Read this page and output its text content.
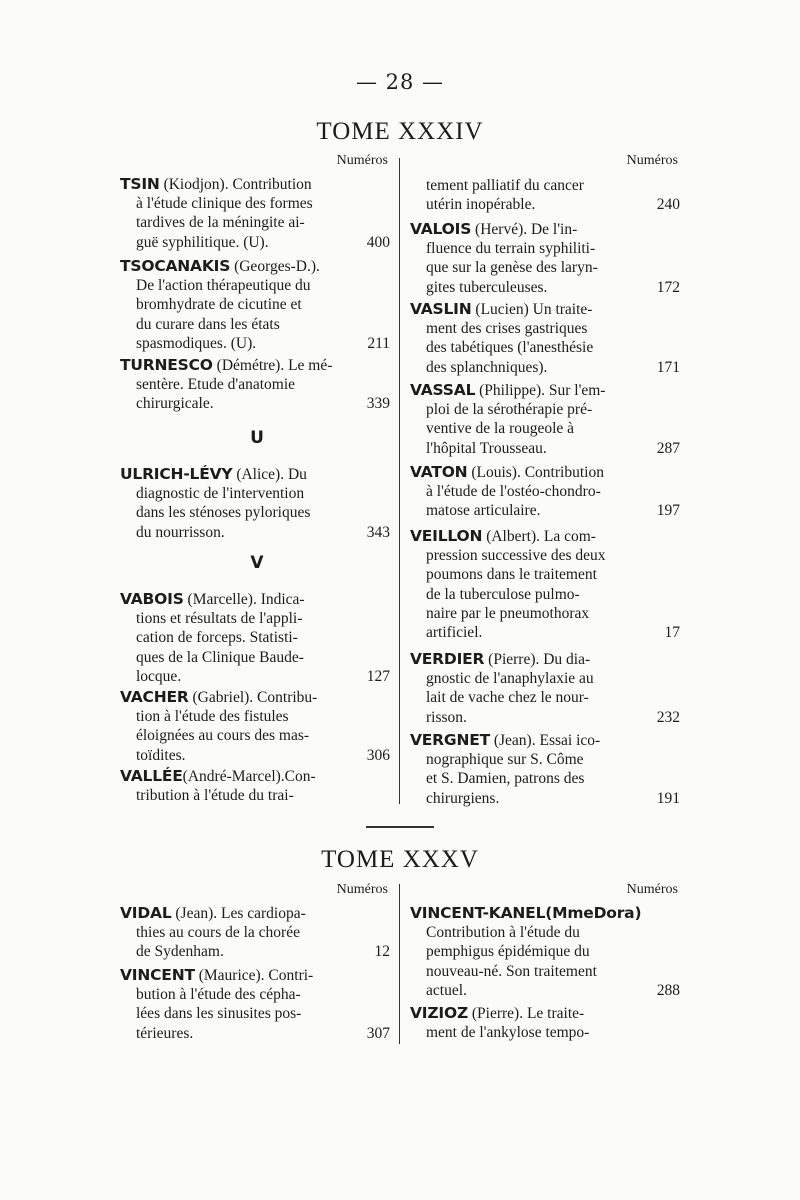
— 28 —
TOME XXXIV
Numéros	Numéros
TSIN (Kiodjon). Contribution
à l'étude clinique des formes
tardives de la méningite ai-
guë syphilitique. (U).	400
TSOCANAKIS (Georges-D.).
De l'action thérapeutique du
bromhydrate de cicutine et
du curare dans les états
spasmodiques. (U).	211
TURNESCO (Démétre). Le mé-
sentère. Etude d'anatomie
chirurgicale.	339
U
ULRICH-LÉVY (Alice). Du
diagnostic de l'intervention
dans les sténoses pyloriques
du nourrisson.	343
V
VABOIS (Marcelle). Indica-
tions et résultats de l'appli-
cation de forceps. Statisti-
ques de la Clinique Baude-
locque.	127
VACHER (Gabriel). Contribu-
tion à l'étude des fistules
éloignées au cours des mas-
toïdites.	306
VALLÉE(André-Marcel).Con-
tribution à l'étude du trai-
tement palliatif du cancer
utérin inopérable.	240
VALOIS (Hervé). De l'in-
fluence du terrain syphiliti-
que sur la genèse des laryn-
gites tuberculeuses.	172
VASLIN (Lucien) Un traite-
ment des crises gastriques
des tabétiques (l'anesthésie
des splanchniques).	171
VASSAL (Philippe). Sur l'em-
ploi de la sérothérapie pré-
ventive de la rougeole à
l'hôpital Trousseau.	287
VATON (Louis). Contribution
à l'étude de l'ostéo-chondro-
matose articulaire.	197
VEILLON (Albert). La com-
pression successive des deux
poumons dans le traitement
de la tuberculose pulmo-
naire par le pneumothorax
artificiel.	17
VERDIER (Pierre). Du dia-
gnostic de l'anaphylaxie au
lait de vache chez le nour-
risson.	232
VERGNET (Jean). Essai ico-
nographique sur S. Côme
et S. Damien, patrons des
chirurgiens.	191
TOME XXXV
Numéros	Numéros
VIDAL (Jean). Les cardiopa-
thies au cours de la chorée
de Sydenham.	12
VINCENT (Maurice). Contri-
bution à l'étude des cépha-
lées dans les sinusites pos-
térieures.	307
VINCENT-KANEL(MmeDora)
Contribution à l'étude du
pemphigus épidémique du
nouveau-né. Son traitement
actuel.	288
VIZIOZ (Pierre). Le traite-
ment de l'ankylose tempo-
